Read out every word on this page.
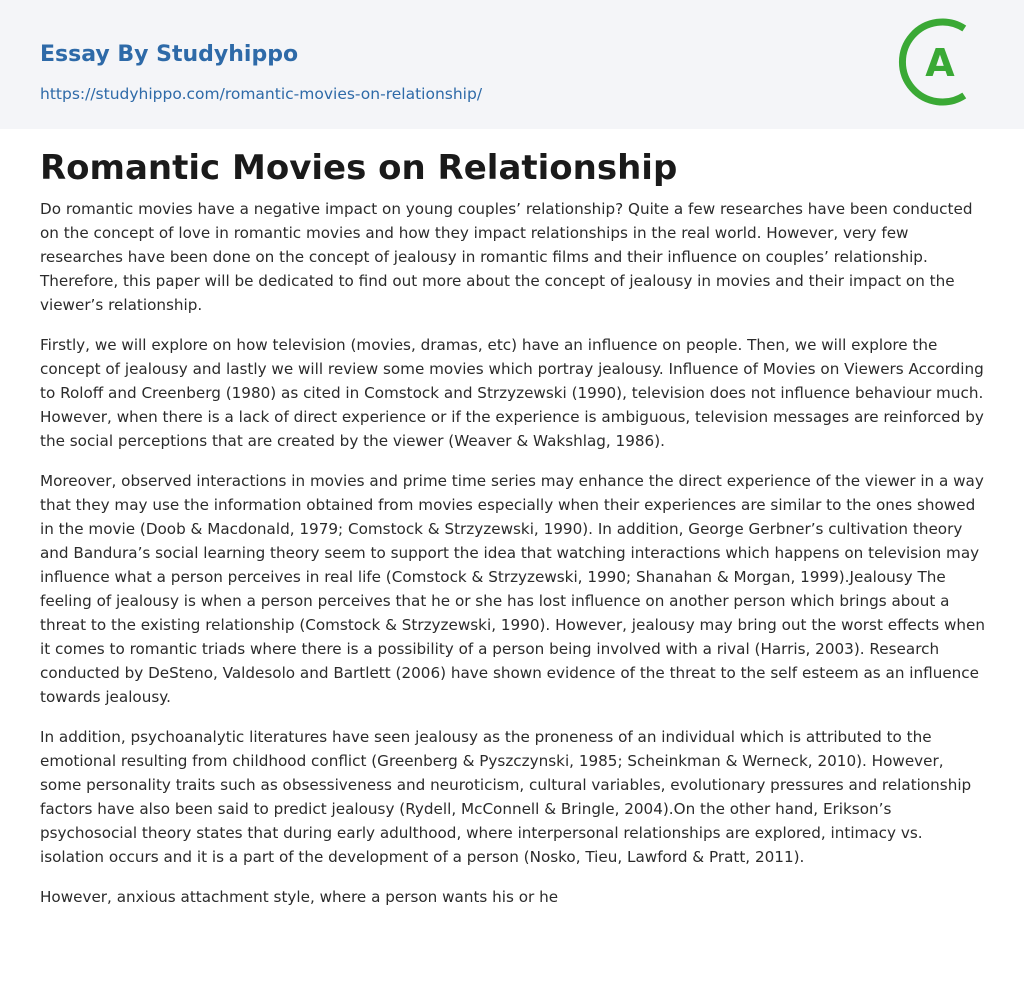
Essay By Studyhippo
https://studyhippo.com/romantic-movies-on-relationship/
A
Romantic Movies on Relationship

Do romantic movies have a negative impact on young couples’ relationship? Quite a few researches have been conducted on the concept of love in romantic movies and how they impact relationships in the real world. However, very few researches have been done on the concept of jealousy in romantic films and their influence on couples’ relationship. Therefore, this paper will be dedicated to find out more about the concept of jealousy in movies and their impact on the viewer’s relationship.

Firstly, we will explore on how television (movies, dramas, etc) have an influence on people. Then, we will explore the concept of jealousy and lastly we will review some movies which portray jealousy. Influence of Movies on Viewers According to Roloff and Creenberg (1980) as cited in Comstock and Strzyzewski (1990), television does not influence behaviour much. However, when there is a lack of direct experience or if the experience is ambiguous, television messages are reinforced by the social perceptions that are created by the viewer (Weaver & Wakshlag, 1986).

Moreover, observed interactions in movies and prime time series may enhance the direct experience of the viewer in a way that they may use the information obtained from movies especially when their experiences are similar to the ones showed in the movie (Doob & Macdonald, 1979; Comstock & Strzyzewski, 1990). In addition, George Gerbner’s cultivation theory and Bandura’s social learning theory seem to support the idea that watching interactions which happens on television may influence what a person perceives in real life (Comstock & Strzyzewski, 1990; Shanahan & Morgan, 1999).Jealousy The feeling of jealousy is when a person perceives that he or she has lost influence on another person which brings about a threat to the existing relationship (Comstock & Strzyzewski, 1990). However, jealousy may bring out the worst effects when it comes to romantic triads where there is a possibility of a person being involved with a rival (Harris, 2003). Research conducted by DeSteno, Valdesolo and Bartlett (2006) have shown evidence of the threat to the self esteem as an influence towards jealousy.

In addition, psychoanalytic literatures have seen jealousy as the proneness of an individual which is attributed to the emotional resulting from childhood conflict (Greenberg & Pyszczynski, 1985; Scheinkman & Werneck, 2010). However, some personality traits such as obsessiveness and neuroticism, cultural variables, evolutionary pressures and relationship factors have also been said to predict jealousy (Rydell, McConnell & Bringle, 2004).On the other hand, Erikson’s psychosocial theory states that during early adulthood, where interpersonal relationships are explored, intimacy vs. isolation occurs and it is a part of the development of a person (Nosko, Tieu, Lawford & Pratt, 2011).

However, anxious attachment style, where a person wants his or he
